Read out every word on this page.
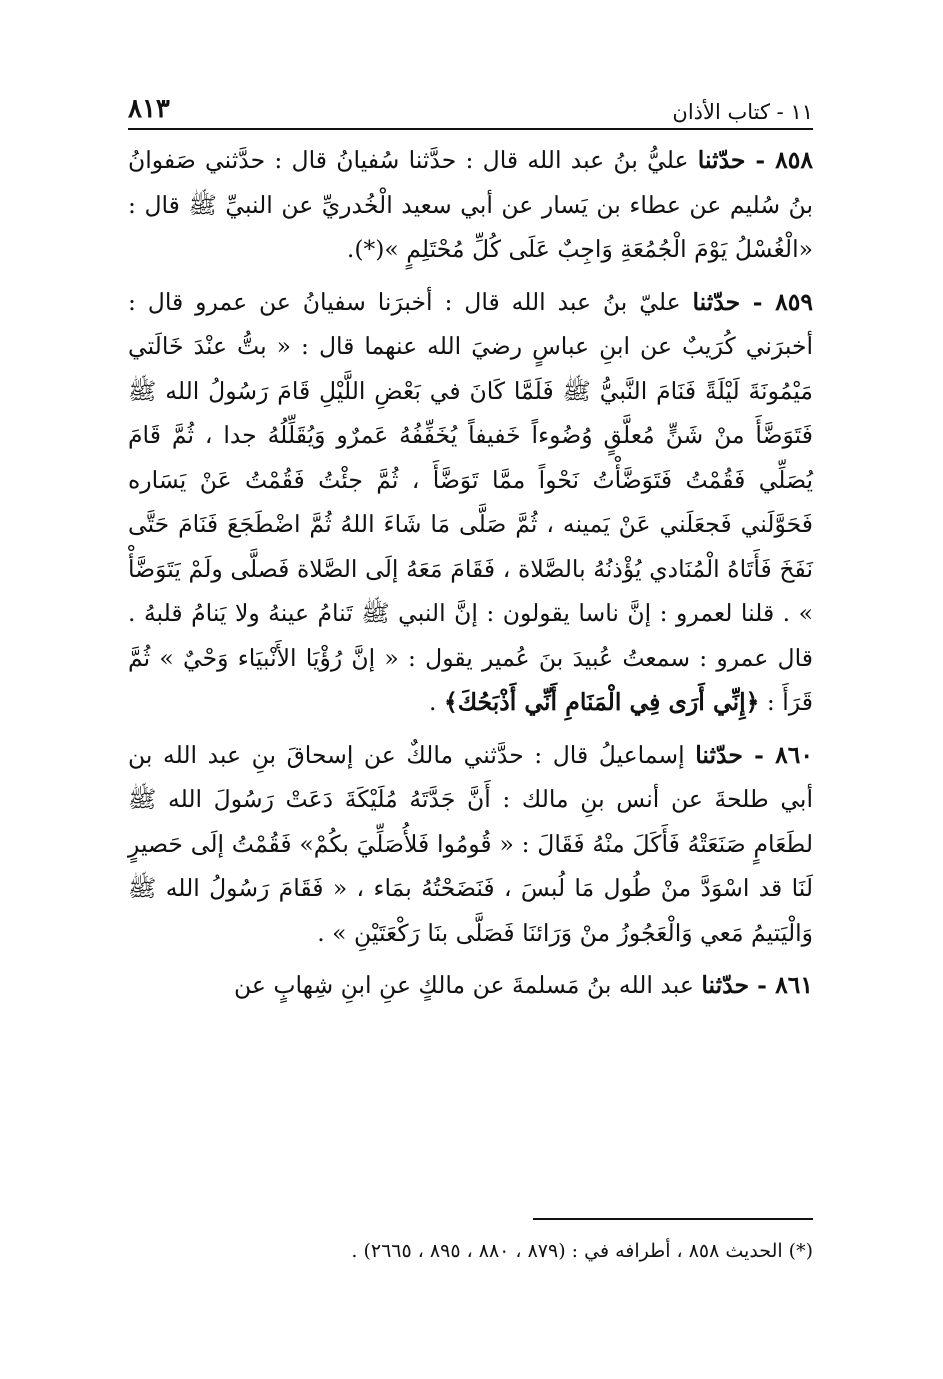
١١ - كتاب الأذان
٨١٣

٨٥٨ - حدّثنا عليُّ بنُ عبد الله قال : حدَّثنا سُفيانُ قال : حدَّثني صَفوانُ بنُ سُليم عن عطاء بن يَسار عن أبي سعيد الْخُدريِّ عن النبيِّ ﷺ قال : «الْغُسْلُ يَوْمَ الْجُمُعَةِ وَاجِبٌ عَلَى كُلِّ مُحْتَلِمٍ »(*).

٨٥٩ - حدّثنا عليّ بنُ عبد الله قال : أخبرَنا سفيانُ عن عمرو قال : أخبرَني كُرَيبٌ عن ابنِ عباسٍ رضيَ الله عنهما قال : « بتُّ عنْدَ خَالَتي مَيْمُونَةَ لَيْلَةً فَنَامَ النَّبيُّ ﷺ فَلَمَّا كَانَ في بَعْضِ اللَّيْلِ قَامَ رَسُولُ الله ﷺ فَتَوَضَّأَ منْ شَنٍّ مُعلَّقٍ وُضُوءاً خَفيفاً يُخَفِّفُهُ عَمرٌو وَيُقَلِّلُهُ جدا ، ثُمَّ قَامَ يُصَلِّي فَقُمْتُ فَتَوَضَّأْتُ نَحْواً ممَّا تَوَضَّأَ ، ثُمَّ جئْتُ فَقُمْتُ عَنْ يَسَاره فَحَوَّلَني فَجعَلَني عَنْ يَمينه ، ثُمَّ صَلَّى مَا شَاءَ اللهُ ثُمَّ اضْطَجَعَ فَنَامَ حَتَّى نَفَخَ فَأَتَاهُ الْمُنَادي يُؤْذنُهُ بالصَّلاة ، فَقَامَ مَعَهُ إلَى الصَّلاة فَصلَّى ولَمْ يَتَوَضَّأْ » . قلنا لعمرو : إنَّ ناسا يقولون : إنَّ النبي ﷺ تَنامُ عينهُ ولا يَنامُ قلبهُ . قال عمرو : سمعتُ عُبيدَ بنَ عُمير يقول : « إنَّ رُؤْيَا الأَنْبيَاء وَحْيٌ » ثُمَّ قَرَأَ : ﴿إِنِّي أَرَى فِي الْمَنَامِ أَنِّي أَذْبَحُكَ﴾ .

٨٦٠ - حدّثنا إسماعيلُ قال : حدَّثني مالكٌ عن إسحاقَ بنِ عبد الله بن أبي طلحةَ عن أنس بنِ مالك : أَنَّ جَدَّتَهُ مُلَيْكَةَ دَعَتْ رَسُولَ الله ﷺ لطَعَامٍ صَنَعَتْهُ فَأَكَلَ منْهُ فَقَالَ : « قُومُوا فَلأُصَلِّيَ بكُمْ» فَقُمْتُ إلَى حَصيرٍ لَنَا قد اسْوَدَّ منْ طُول مَا لُبسَ ، فَنَضَحْتُهُ بمَاء ، « فَقَامَ رَسُولُ الله ﷺ وَالْيَتيمُ مَعي وَالْعَجُوزُ منْ وَرَائنَا فَصَلَّى بنَا رَكْعَتَيْنِ » .

٨٦١ - حدّثنا عبد الله بنُ مَسلمةَ عن مالكٍ عنِ ابنِ شِهابٍ عن

(*) الحديث ٨٥٨ ، أطرافه في : (٨٧٩ ، ٨٨٠ ، ٨٩٥ ، ٢٦٦٥) .
